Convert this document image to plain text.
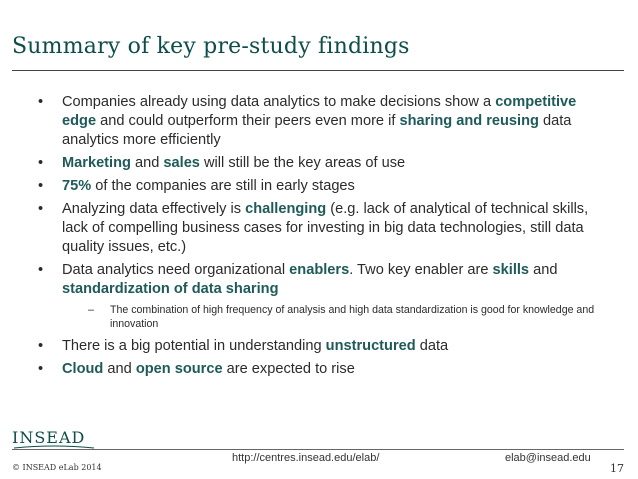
Summary of key pre-study findings
• Companies already using data analytics to make decisions show a competitive edge and could outperform their peers even more if sharing and reusing data analytics more efficiently
• Marketing and sales will still be the key areas of use
• 75% of the companies are still in early stages
• Analyzing data effectively is challenging (e.g. lack of analytical of technical skills, lack of compelling business cases for investing in big data technologies, still data quality issues, etc.)
• Data analytics need organizational enablers. Two key enabler are skills and standardization of data sharing
– The combination of high frequency of analysis and high data standardization is good for knowledge and innovation
• There is a big potential in understanding unstructured data
• Cloud and open source are expected to rise
INSEAD
© INSEAD eLab 2014
http://centres.insead.edu/elab/	elab@insead.edu
17
